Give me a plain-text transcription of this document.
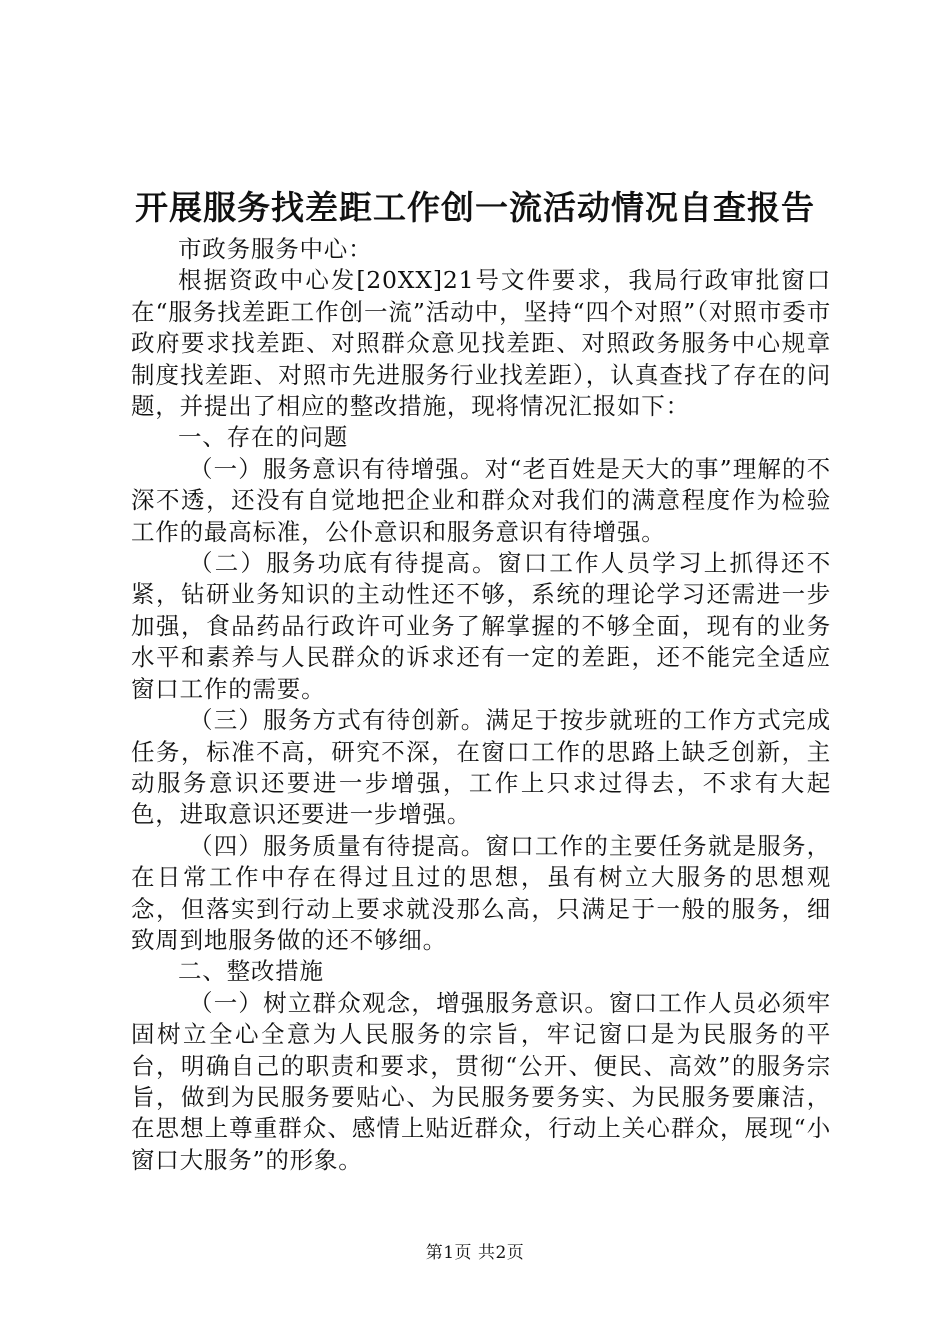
开展服务找差距工作创一流活动情况自查报告

市政务服务中心：

根据资政中心发[20XX]21号文件要求，我局行政审批窗口在“服务找差距工作创一流”活动中，坚持“四个对照”（对照市委市政府要求找差距、对照群众意见找差距、对照政务服务中心规章制度找差距、对照市先进服务行业找差距），认真查找了存在的问题，并提出了相应的整改措施，现将情况汇报如下：

一、存在的问题

（一）服务意识有待增强。对“老百姓是天大的事”理解的不深不透，还没有自觉地把企业和群众对我们的满意程度作为检验工作的最高标准，公仆意识和服务意识有待增强。

（二）服务功底有待提高。窗口工作人员学习上抓得还不紧，钻研业务知识的主动性还不够，系统的理论学习还需进一步加强，食品药品行政许可业务了解掌握的不够全面，现有的业务水平和素养与人民群众的诉求还有一定的差距，还不能完全适应窗口工作的需要。

（三）服务方式有待创新。满足于按步就班的工作方式完成任务，标准不高，研究不深，在窗口工作的思路上缺乏创新，主动服务意识还要进一步增强，工作上只求过得去，不求有大起色，进取意识还要进一步增强。

（四）服务质量有待提高。窗口工作的主要任务就是服务，在日常工作中存在得过且过的思想，虽有树立大服务的思想观念，但落实到行动上要求就没那么高，只满足于一般的服务，细致周到地服务做的还不够细。

二、整改措施

（一）树立群众观念，增强服务意识。窗口工作人员必须牢固树立全心全意为人民服务的宗旨，牢记窗口是为民服务的平台，明确自己的职责和要求，贯彻“公开、便民、高效”的服务宗旨，做到为民服务要贴心、为民服务要务实、为民服务要廉洁，在思想上尊重群众、感情上贴近群众，行动上关心群众，展现“小窗口大服务”的形象。

第1页 共2页
